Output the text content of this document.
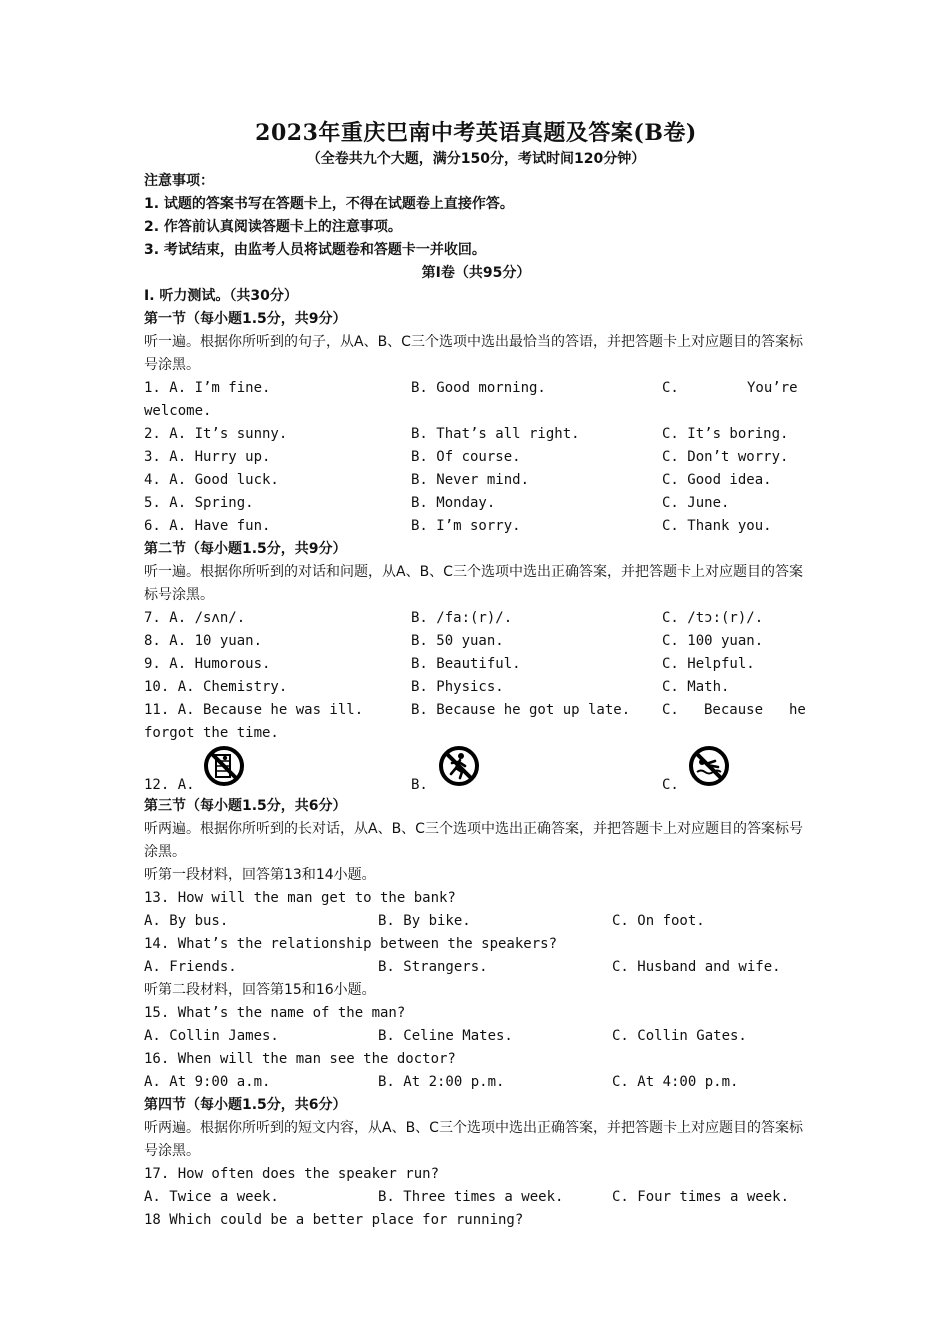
2023年重庆巴南中考英语真题及答案(B卷)
（全卷共九个大题，满分150分，考试时间120分钟）
注意事项：
1. 试题的答案书写在答题卡上，不得在试题卷上直接作答。
2. 作答前认真阅读答题卡上的注意事项。
3. 考试结束，由监考人员将试题卷和答题卡一并收回。
第Ⅰ卷（共95分）
Ⅰ. 听力测试。（共30分）
第一节（每小题1.5分，共9分）
听一遍。根据你所听到的句子，从A、B、C三个选项中选出最恰当的答语，并把答题卡上对应题目的答案标号涂黑。
1. A. I’m fine.	B. Good morning.	C.	You’re
welcome.
2. A. It’s sunny.	B. That’s all right.	C. It’s boring.
3. A. Hurry up.	B. Of course.	C. Don’t worry.
4. A. Good luck.	B. Never mind.	C. Good idea.
5. A. Spring.	B. Monday.	C. June.
6. A. Have fun.	B. I’m sorry.	C. Thank you.
第二节（每小题1.5分，共9分）
听一遍。根据你所听到的对话和问题，从A、B、C三个选项中选出正确答案，并把答题卡上对应题目的答案标号涂黑。
7. A. /sʌn/.	B. /fa:(r)/.	C. /tɔ:(r)/.
8. A. 10 yuan.	B. 50 yuan.	C. 100 yuan.
9. A. Humorous.	B. Beautiful.	C. Helpful.
10. A. Chemistry.	B. Physics.	C. Math.
11. A. Because he was ill.	B. Because he got up late. C. Because he
forgot the time.
12. A.	B.	C.
第三节（每小题1.5分，共6分）
听两遍。根据你所听到的长对话，从A、B、C三个选项中选出正确答案，并把答题卡上对应题目的答案标号涂黑。
听第一段材料，回答第13和14小题。
13. How will the man get to the bank?
A. By bus.	B. By bike.	C. On foot.
14. What’s the relationship between the speakers?
A. Friends.	B. Strangers.	C. Husband and wife.
听第二段材料，回答第15和16小题。
15. What’s the name of the man?
A. Collin James.	B. Celine Mates.	C. Collin Gates.
16. When will the man see the doctor?
A. At 9:00 a.m.	B. At 2:00 p.m.	C. At 4:00 p.m.
第四节（每小题1.5分，共6分）
听两遍。根据你所听到的短文内容，从A、B、C三个选项中选出正确答案，并把答题卡上对应题目的答案标号涂黑。
17. How often does the speaker run?
A. Twice a week.	B. Three times a week.	C. Four times a week.
18 Which could be a better place for running?
